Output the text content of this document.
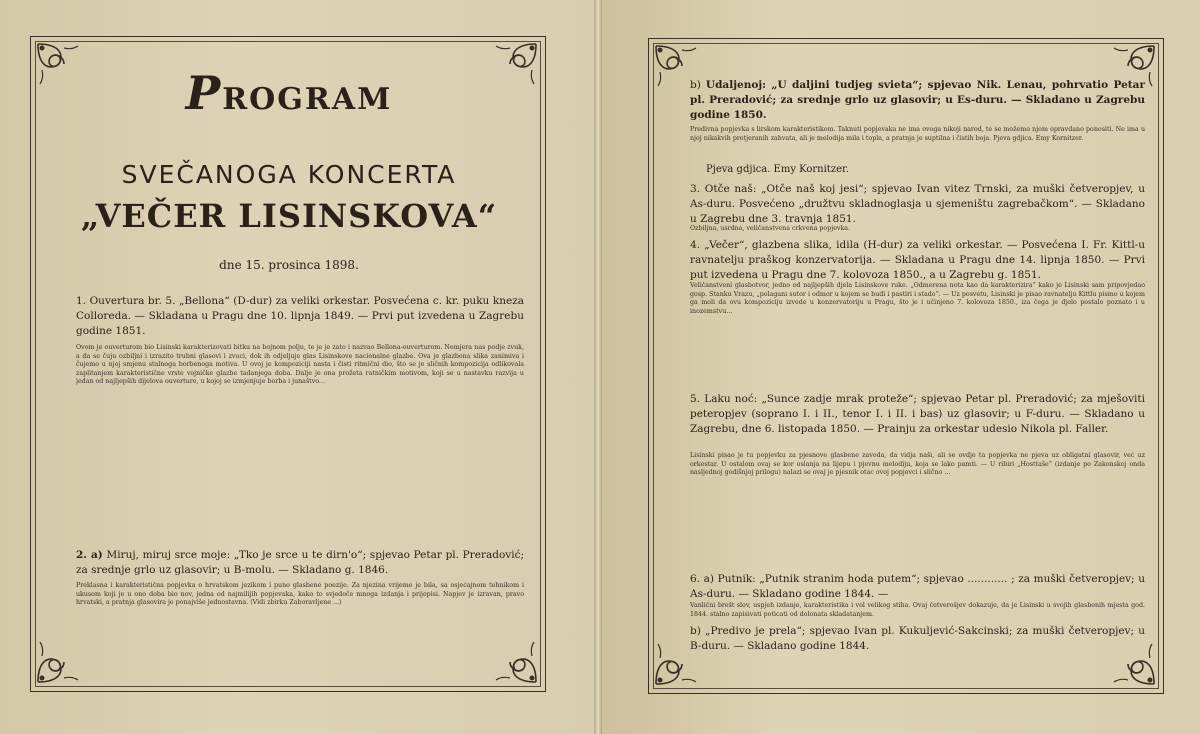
PROGRAM
SVEČANOGA KONCERTA
„VEČER LISINSKOVA“
dne 15. prosinca 1898.
1. Ouvertura br. 5. „Bellona“ (D-dur) za veliki orkestar. Posvećena c. kr. puku kneza Colloreda. — Skladana u Pragu dne 10. lipnja 1849. — Prvi put izvedena u Zagrebu godine 1851.
Ovom je ouverturom bio Lisinski karakterizovati bitku na bojnom polju, te je je zato i nazvao Bellona-ouverturom. Nemjera nas podje zvuk, a da se čuju ozbiljni i izrazito trubni glasovi i zvuci, dok ih odjeljuje glas Lisinskove nacionalne glazbe. Ova je glazbena slika zanimiva i čujemo u njoj smjenu stalnoga borbenoga motiva. U ovoj je kompoziciji nasta i čisti ritmični dio, što se je sličnih kompozicija odlikovala zaplitanjem karakteristične vrste vojničke glazbe tadanjega doba. Dalje je ona prožeta ratničkim motivom, koji se u nastavku razvija u jedan od najljepših dijelova ouverture, u kojoj se izmjenjuje borba i junaštvo...
2. a) Miruj, miruj srce moje: „Tko je srce u te dirn'o“; spjevao Petar pl. Preradović; za srednje grlo uz glasovir; u B-molu. — Skladano g. 1846.
Preklasna i karakteristična popjevka o hrvatskom jezikom i puno glasbene poezije. Za njezina vrijeme je bila, sa osjećajnom tehnikom i ukusom koji je u ono doba bio nov, jedna od najmilijih popjevaka, kako to svjedoče mnoga izdanja i prijepisi. Napjev je izravan, pravo hrvatski, a pratnja glasovira je ponajviše jednostavna. (Vidi zbirku Zaboravljene ...)
b) Udaljenoj: „U daljini tudjeg svieta“; spjevao Nik. Lenau, pohrvatio Petar pl. Preradović; za srednje grlo uz glasovir; u Es-duru. — Skladano u Zagrebu godine 1850.
Predivna popjevka s lirskom karakteristikom. Taknuti popjevaka ne ima ovoga nikoji narod, te se možemo njom opravdano ponositi. Ne ima u njoj nikakvih pretjeranih zahvata, ali je melodija mila i topla, a pratnja je suptilna i čistih boja. Pjeva gdjica. Emy Kornitzer.
Pjeva gdjica. Emy Kornitzer.
3. Otče naš: „Otče naš koj jesi“; spjevao Ivan vitez Trnski, za muški četveropjev, u As-duru. Posvećeno „družtvu skladnoglasja u sjemeništu zagrebačkom“. — Skladano u Zagrebu dne 3. travnja 1851.
Ozbiljna, usrdna, veličanstvena crkvena popjevka.
4. „Večer“, glazbena slika, idila (H-dur) za veliki orkestar. — Posvećena I. Fr. Kittl-u ravnatelju praškog konzervatorija. — Skladana u Pragu dne 14. lipnja 1850. — Prvi put izvedena u Pragu dne 7. kolovoza 1850., a u Zagrebu g. 1851.
Veličanstveni glasbotvor, jedno od najljepših djela Lisinskove ruke. „Odmerena nota kao da karakterizira“ kako je Lisinski sam pripovjedao gosp. Stanku Vrazu, „polagani sutor i odmor u kojem se budi i pastiri i stado“. — Uz posvetu, Lisinski je pisao ravnatelju Kittlu pismo u kojem ga moli da ovu kompoziciju izvede u konzervatoriju u Pragu, što je i učinjeno 7. kolovoza 1850., iza čega je djelo postalo poznato i u inozemstvu...
5. Laku noć: „Sunce zadje mrak proteže“; spjevao Petar pl. Preradović; za mješoviti peteropjev (soprano I. i II., tenor I. i II. i bas) uz glasovir; u F-duru. — Skladano u Zagrebu, dne 6. listopada 1850. — Prainju za orkestar udesio Nikola pl. Faller.
Lisinski pisao je tu popjevku za pjesnove glasbene zavoda, da vidja naši, ali se ovdje ta popjevka ne pjeva uz obligatni glasovir, već uz orkestar. U ostalom ovaj se kor oslanja na lijepu i pjevnu melodiju, koja se lako pamti. — U ribiri „Hosttaše“ (izdanje po Zakonskoj onda nasljednoj godišnjoj prilogu) nalazi se ovaj je pjesnik otac ovoj popjevci i slično ...
6. a) Putnik: „Putnik stranim hoda putem“; spjevao ............ ; za muški četveropjev; u As-duru. — Skladano godine 1844. —
Vanlični brešt slov, uspjeh izdanje, karakteristika i vol velikog stiha. Ovaj četverošjev dokazuje, da je Lisinski u svojih glasbenih mjesta god. 1844. stalno zapisivati poticati od dolonata skladatanjem.
b) „Predivo je prela“; spjevao Ivan pl. Kukuljević-Sakcinski; za muški četveropjev; u B-duru. — Skladano godine 1844.
